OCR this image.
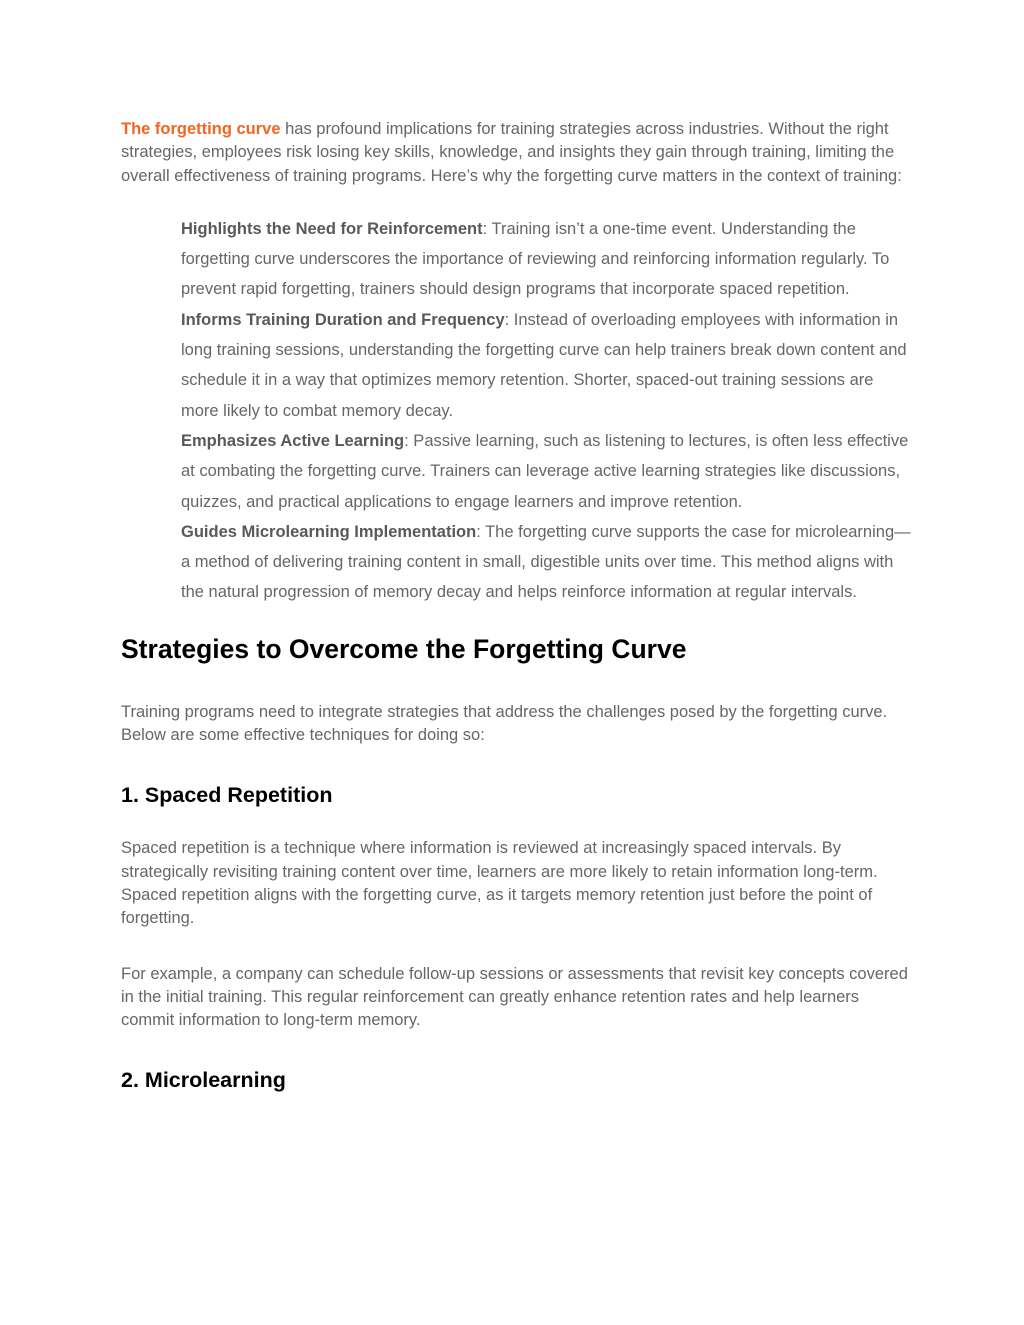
The forgetting curve has profound implications for training strategies across industries. Without the right strategies, employees risk losing key skills, knowledge, and insights they gain through training, limiting the overall effectiveness of training programs. Here’s why the forgetting curve matters in the context of training:

Highlights the Need for Reinforcement: Training isn’t a one-time event. Understanding the forgetting curve underscores the importance of reviewing and reinforcing information regularly. To prevent rapid forgetting, trainers should design programs that incorporate spaced repetition.
Informs Training Duration and Frequency: Instead of overloading employees with information in long training sessions, understanding the forgetting curve can help trainers break down content and schedule it in a way that optimizes memory retention. Shorter, spaced-out training sessions are more likely to combat memory decay.
Emphasizes Active Learning: Passive learning, such as listening to lectures, is often less effective at combating the forgetting curve. Trainers can leverage active learning strategies like discussions, quizzes, and practical applications to engage learners and improve retention.
Guides Microlearning Implementation: The forgetting curve supports the case for microlearning—a method of delivering training content in small, digestible units over time. This method aligns with the natural progression of memory decay and helps reinforce information at regular intervals.
Strategies to Overcome the Forgetting Curve

Training programs need to integrate strategies that address the challenges posed by the forgetting curve. Below are some effective techniques for doing so:

1. Spaced Repetition

Spaced repetition is a technique where information is reviewed at increasingly spaced intervals. By strategically revisiting training content over time, learners are more likely to retain information long-term. Spaced repetition aligns with the forgetting curve, as it targets memory retention just before the point of forgetting.

For example, a company can schedule follow-up sessions or assessments that revisit key concepts covered in the initial training. This regular reinforcement can greatly enhance retention rates and help learners commit information to long-term memory.

2. Microlearning
